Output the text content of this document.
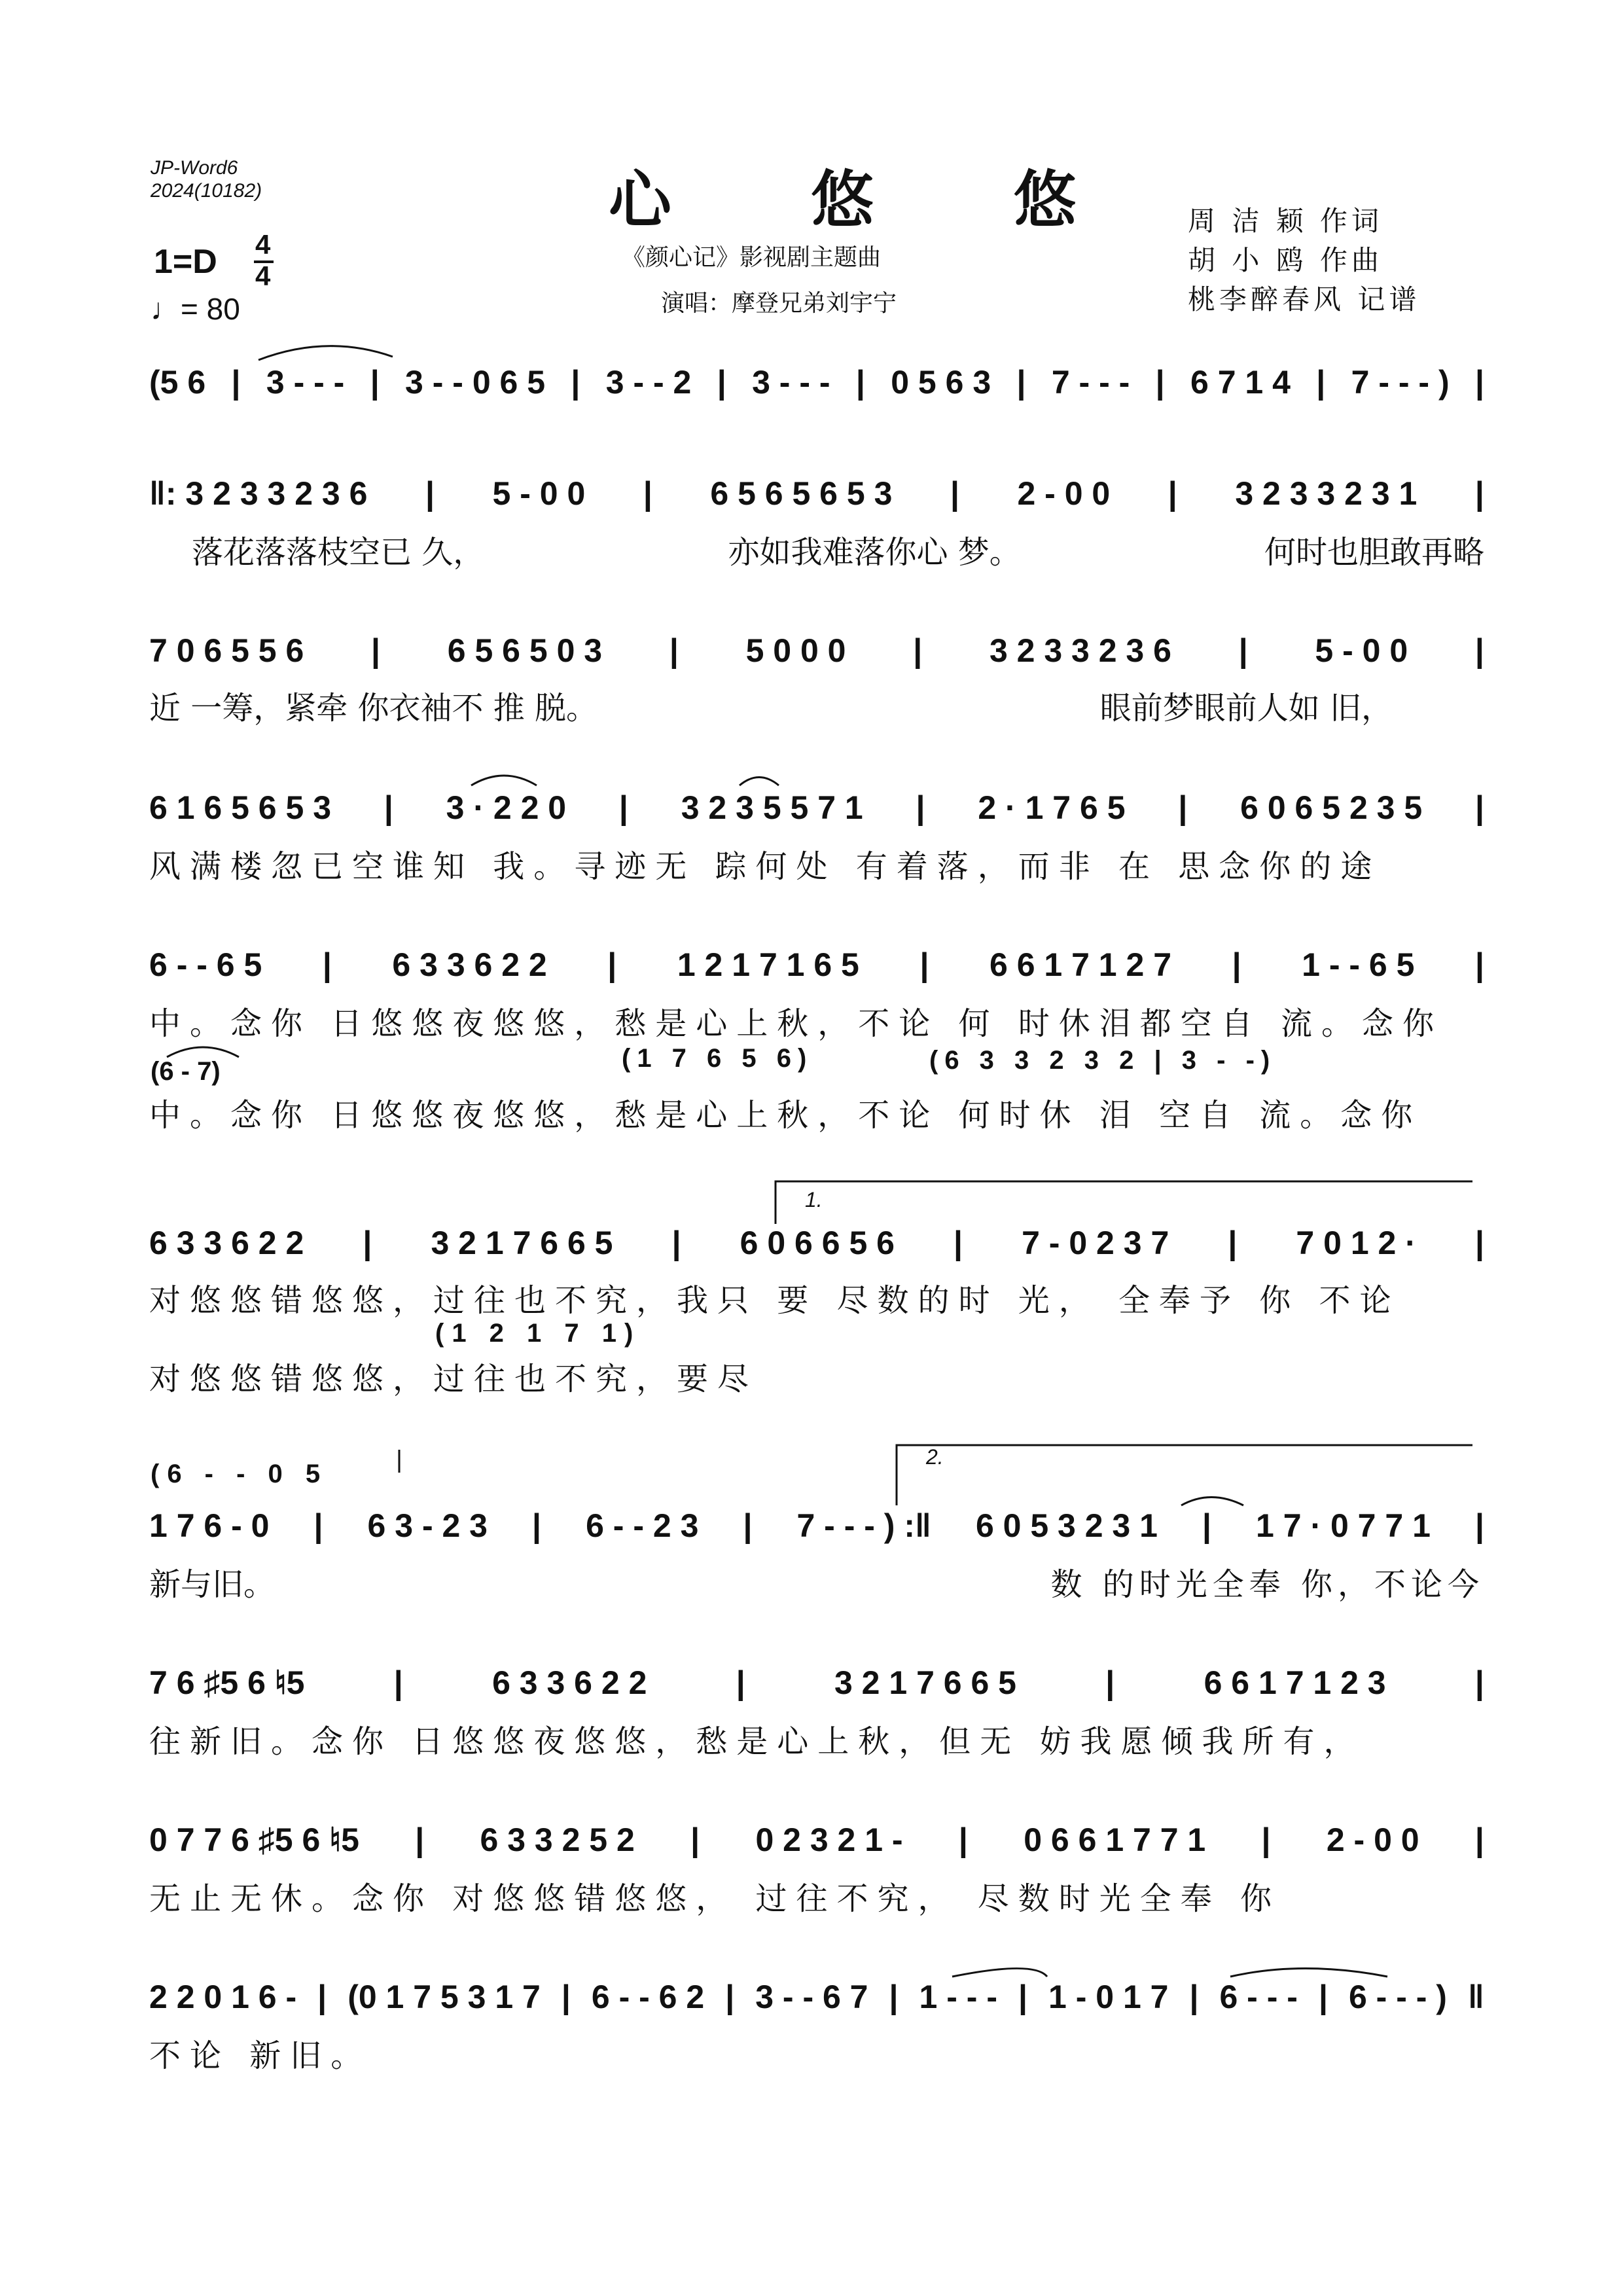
JP-Word6
2024(10182)	心 悠 悠
《颜心记》影视剧主题曲
演唱：摩登兄弟刘宇宁
周 洁 颖 作词
胡 小 鸥 作曲
桃李醉春风 记谱
1=D 4
4
♩= 80
(5 6 | 3 - - - | 3 - - 0 6 5 | 3 - - 2 | 3 - - - | 0 5 6 3 | 7 - - - | 6 7 1 4 | 7 - - - ) |
‖: 3 2 3 3 2 3 6 | 5 - 0 0 | 6 5 6 5 6 5 3 | 2 - 0 0 | 3 2 3 3 2 3 1 |
落花落落枝空已 久，	亦如我难落你心 梦。	何时也胆敢再略
7 0 6 5 5 6 | 6 5 6 5 0 3 | 5 0 0 0 | 3 2 3 3 2 3 6 | 5 - 0 0 |
近 一筹，紧牵 你衣袖不 推 脱。	眼前梦眼前人如 旧，
6 1 6 5 6 5 3 | 3 · 2 2 0 | 3 2 3 5 5 7 1 | 2 · 1 7 6 5 | 6 0 6 5 2 3 5 |
风满楼忽已空谁知 我。寻迹无 踪何处 有着落，而非 在 思念你的途
6 - - 6 5 | 6 3 3 6 2 2 | 1 2 1 7 1 6 5 | 6 6 1 7 1 2 7 | 1 - - 6 5 |
中。念你 日悠悠夜悠悠，愁是心上秋，不论 何 时休泪都空自 流。念你
(6 - 7)	(1 7 6 5 6)	(6 3 3 2 3 2 | 3 - -)
中。念你 日悠悠夜悠悠，愁是心上秋，不论 何时休 泪 空自 流。念你
1.
6 3 3 6 2 2 | 3 2 1 7 6 6 5 | 6 0 6 6 5 6 | 7 - 0 2 3 7 | 7 0 1 2 · |
对悠悠错悠悠，过往也不究，我只 要 尽数的时 光， 全奉予 你 不论
(1 2 1 7 1)
对悠悠错悠悠，过往也不究，要尽
(6 - - 0 5
2.
1 7 6 - 0 | 6 3 - 2 3 | 6 - - 2 3 | 7 - - - ) :‖ 6 0 5 3 2 3 1 | 1 7 · 0 7 7 1 |
新与旧。	数 的时光全奉 你，不论今
7 6 ♯5 6 ♮5	|	6 3 3 6 2 2	|	3 2 1 7 6 6 5	|	6 6 1 7 1 2 3	|
往新旧。念你 日悠悠夜悠悠，愁是心上秋，但无 妨我愿倾我所有，
0 7 7 6 ♯5 6 ♮5 | 6 3 3 2 5 2 | 0 2 3 2 1 - | 0 6 6 1 7 7 1 | 2 - 0 0 |
无止无休。念你 对悠悠错悠悠， 过往不究， 尽数时光全奉 你
2 2 0 1 6 - | (0 1 7 5 3 1 7 | 6 - - 6 2 | 3 - - 6 7 | 1 - - - | 1 - 0 1 7 | 6 - - - | 6 - - - ) ‖
不论 新旧。
